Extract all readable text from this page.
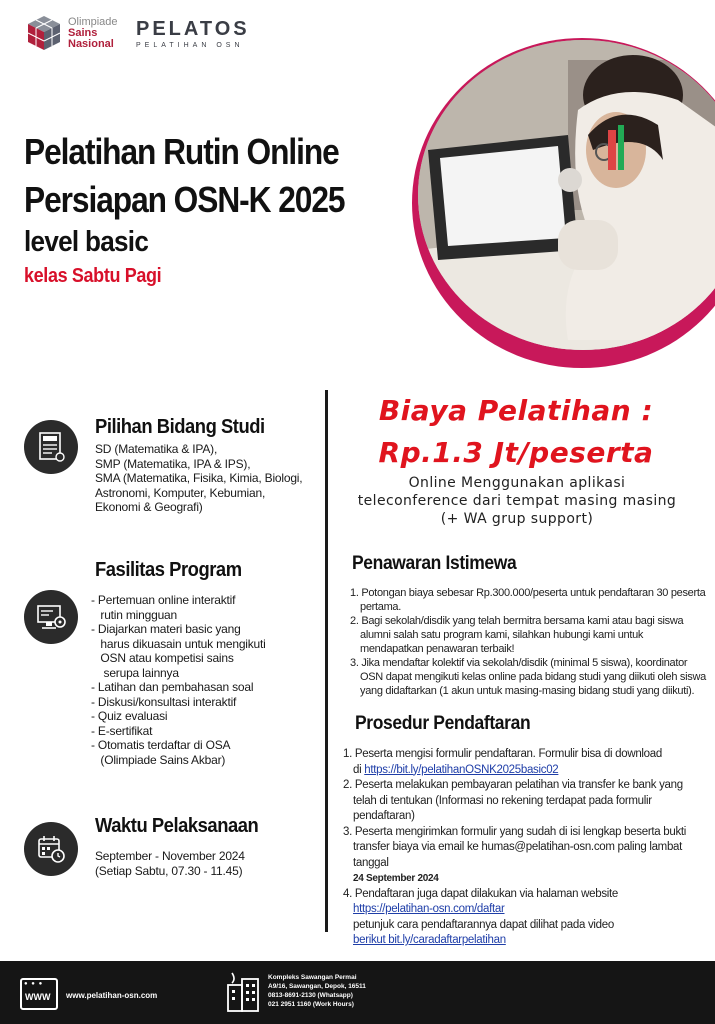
Olimpiade
Sains
Nasional
PELATOS
PELATIHAN OSN
Pelatihan Rutin Online
Persiapan OSN-K 2025
level basic
kelas Sabtu Pagi
Pilihan Bidang Studi
SD (Matematika & IPA),
SMP (Matematika, IPA & IPS),
SMA (Matematika, Fisika, Kimia, Biologi,
Astronomi, Komputer, Kebumian,
Ekonomi & Geografi)
Fasilitas Program
- Pertemuan online interaktif
rutin mingguan
- Diajarkan materi basic yang
harus dikuasain untuk mengikuti
OSN atau kompetisi sains
serupa lainnya
- Latihan dan pembahasan soal
- Diskusi/konsultasi interaktif
- Quiz evaluasi
- E-sertifikat
- Otomatis terdaftar di OSA
(Olimpiade Sains Akbar)
Waktu Pelaksanaan
September - November 2024
(Setiap Sabtu, 07.30 - 11.45)
Biaya Pelatihan :
Rp.1.3 Jt/peserta
Online Menggunakan aplikasi
teleconference dari tempat masing masing
(+ WA grup support)
Penawaran Istimewa
1. Potongan biaya sebesar Rp.300.000/peserta untuk pendaftaran 30 peserta pertama.
2. Bagi sekolah/disdik yang telah bermitra bersama kami atau bagi siswa alumni salah satu program kami, silahkan hubungi kami untuk mendapatkan penawaran terbaik!
3. Jika mendaftar kolektif via sekolah/disdik (minimal 5 siswa), koordinator OSN dapat mengikuti kelas online pada bidang studi yang diikuti oleh siswa yang didaftarkan (1 akun untuk masing-masing bidang studi yang diikuti).
Prosedur Pendaftaran
1. Peserta mengisi formulir pendaftaran. Formulir bisa di download
di https://bit.ly/pelatihanOSNK2025basic02
2. Peserta melakukan pembayaran pelatihan via transfer ke bank yang telah di tentukan (Informasi no rekening terdapat pada formulir pendaftaran)
3. Peserta mengirimkan formulir yang sudah di isi lengkap beserta bukti transfer biaya via email ke humas@pelatihan-osn.com paling lambat tanggal
24 September 2024
4. Pendaftaran juga dapat dilakukan via halaman website
https://pelatihan-osn.com/daftar
petunjuk cara pendaftarannya dapat dilihat pada video
berikut bit.ly/caradaftarpelatihan
● ● ●
WWW www.pelatihan-osn.com
Kompleks Sawangan Permai
A9/16, Sawangan, Depok, 16511
0813-8691-2130 (Whatsapp)
021 2951 1160 (Work Hours)
